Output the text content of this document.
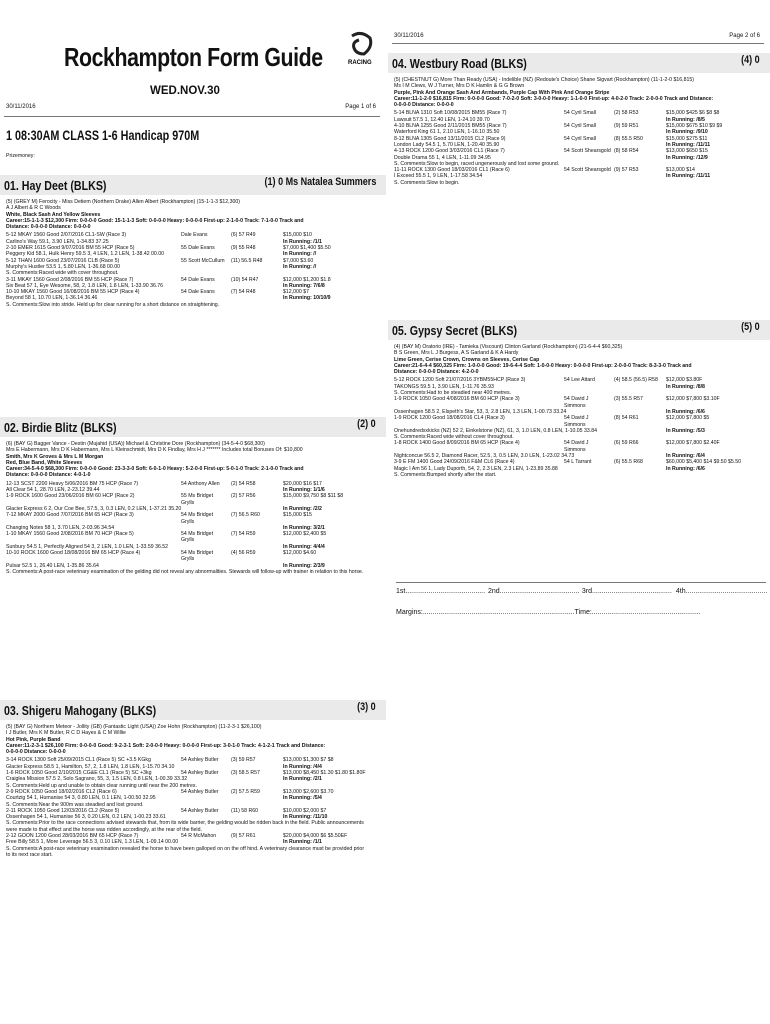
Rockhampton Form Guide	RACING
WED.NOV.30
30/11/2016	Page 1 of 6
1 08:30AM CLASS 1-6 Handicap 970M
Prizemoney:
01. Hay Deet (BLKS)	(1) 0 Ms Natalea Summers
(5) (GREY M) Ferocity - Miss Detiem (Northern Drake) Allen Albert (Rockhampton) (15-1-1-3 $12,300)
A J Albert & R C Woods
White, Black Sash And Yellow Sleeves
Career:15-1-1-3 $12,300 Firm: 0-0-0-0 Good: 15-1-1-3 Soft: 0-0-0-0 Heavy: 0-0-0-0 First-up: 2-1-0-0 Track: 7-1-0-0 Track and
Distance: 0-0-0-0 Distance: 0-0-0-0
5-12 MKAY 1560 Good 2/07/2016 CL1-SW (Race 3)	Dale Evans	(6) 57 R49	$15,000 $10
Carlino's Way 59.1, 3.90 LEN, 1-34.83 37.25	In Running: /1/1
2-10 EMER 1615 Good 9/07/2016 BM 55 HCP (Race 5)	55 Dale Evans	(9) 55 R48	$7,000 $1,400 $5.50
Peggery Kid 58.1, Hulk Henry 59.5 3, 4 LEN, 1.2 LEN, 1-38.42 00.00	In Running: //
5-12 THAN 1600 Good 23/07/2016 CLB (Race 5)	55 Scott McCullum (11) 56.5 R48	$7,000 $3.60
Murphy's Hustler 53.5 1, 5.80 LEN, 1-36.68 00.00	In Running: //
S. Comments:Raced wide with cover throughout.
3-11 MKAY 1560 Good 2/08/2016 BM 55 HCP (Race 7)	54 Dale Evans	(10) 54 R47	$12,000 $1,200 $1.8
Six Beat 57 1, Eye Wesome, 58, 2, 1.8 LEN, 1.8 LEN, 1-33.90 36.76	In Running: 7/6/8
10-10 MKAY 1560 Good 16/08/2016 BM 55 HCP (Race 4)	54 Dale Evans	(7) 54 R48	$12,000 $7
Beyond 58 1, 10.70 LEN, 1-36.14 36.46	In Running: 10/10/9
S. Comments:Slow into stride. Held up for clear running for a short distance on straightening.
02. Birdie Blitz (BLKS)	(2) 0
(6) (BAY G) Bagger Vance - Destin (Mujahid (USA)) Michael & Christine Dore (Rockhampton) (34-5-4-0 $68,300)
Mrs E Habermann, Mrs D K Habermann, Mrs L Kleinschmidt, Mrs D K Findlay, Mrs H J ******* Includes total Bonuses Of: $10,800
Smith, Mrs K Groves & Mrs L M Morgan
Red, Blue Band, White Sleeves
Career:34-5-4-0 $68,300 Firm: 0-0-0-0 Good: 23-3-3-0 Soft: 6-0-1-0 Heavy: 5-2-0-0 First-up: 5-0-1-0 Track: 2-1-0-0 Track and
Distance: 0-0-0-0 Distance: 4-0-1-0
12-13 SCST 2200 Heavy 5/06/2016 BM 75 HCP (Race 7)	54 Anthony Allen (2) 54 R58	$20,000 $16 $17
All Clear 54 1, 28.70 LEN, 2-23.12 39.44	In Running: 1/1/6
1-9 ROCK 1600 Good 23/06/2016 BM 60 HCP (Race 2)	55 Ms Bridget	(2) 57 R56	$15,000 $9,750 $8 $11 $8
Grylls
Glacier Express 6 2, Our Coe Bee, 57.5, 3, 0.3 LEN, 0.2 LEN, 1-37.21 35.20	In Running: /2/2
7-12 MKAY 2000 Good 7/07/2016 BM 65 HCP (Race 3)	54 Ms Bridget	(7) 56.5 R60	$15,000 $15
Grylls
Changing Notes 58 1, 3.70 LEN, 2-03.96 34.54	In Running: 3/2/1
1-10 MKAY 1560 Good 2/08/2016 BM 70 HCP (Race 5)	54 Ms Bridget	(7) 54 R59	$12,000 $2,400 $5
Grylls
Sunbury 54.5 1, Perfectly Aligned 54 3, 2 LEN, 1.0 LEN, 1-33.59 36.52	In Running: 4/4/4
10-10 ROCK 1600 Good 18/08/2016 BM 65 HCP (Race 4)	54 Ms Bridget	(4) 56 R59	$12,000 $4.60
Grylls
Pulsar 52.5 1, 26.40 LEN, 1-35.86 35.64	In Running: 2/3/9
S. Comments:A post-race veterinary examination of the gelding did not reveal any abnormalities. Stewards will follow-up with trainer in relation to this horse.
03. Shigeru Mahogany (BLKS)	(3) 0
(5) (BAY G) Northern Meteor - Jollity (GB) (Fantastic Light (USA)) Zoe Hohn (Rockhampton) (11-2-3-1 $26,100)
I J Butler, Mrs K M Butler, R C D Hayes & C M Willie
Hot Pink, Purple Band
Career:11-2-3-1 $26,100 Firm: 0-0-0-0 Good: 9-2-3-1 Soft: 2-0-0-0 Heavy: 0-0-0-0 First-up: 3-0-1-0 Track: 4-1-2-1 Track and Distance:
0-0-0-0 Distance: 0-0-0-0
3-14 ROCK 1300 Soft 25/09/2015 CL1 (Race 5) SC +3.5 KGkg	54 Ashley Butler (3) 59 R57	$13,000 $1,300 $7 $8
Glacier Express 58.5 1, Hamilton, 57, 2, 1.8 LEN, 1.8 LEN, 1-15.70 34.10	In Running: /4/4
1-6 ROCK 1050 Good 2/10/2015 CG&E CL1 (Race 5) SC +3kg	54 Ashley Butler (3) 58.5 R57	$13,000 $8,450 $1.30 $1.80 $1.80F
Craiglea Mission 57.5 2, Solo Sagrano, 55, 3, 1.5 LEN, 0.8 LEN, 1-00.39 33.32	In Running: /2/1
S. Comments:Held up and unable to obtain clear running until near the 200 metres.
2-9 ROCK 1050 Good 18/02/2016 CL2 (Race 6)	54 Ashley Butler (2) 57.5 R59	$13,000 $2,600 $3.70
Courtzig 54 1, Humanise 54 3, 0.80 LEN, 0.1 LEN, 1-00.50 32.95	In Running: /5/4
S. Comments:Near the 900m was steadied and lost ground.
2-11 ROCK 1050 Good 12/03/2016 CL2 (Race 5)	54 Ashley Butler (11) 58 R60	$10,000 $2,000 $7
Ossenhagen 54 1, Humanise 56 3, 0.20 LEN, 0.2 LEN, 1-00.23 33.61	In Running: /11/10
S. Comments:Prior to the race connections advised stewards that, from its wide barrier, the gelding would be ridden back in the field. Public announcements
were made to that effect and the horse was ridden accordingly, at the rear of the field.
2-12 GOON 1200 Good 28/03/2016 BM 65 HCP (Race 7)	54 R McMahon	(9) 57 R61	$20,000 $4,000 $6 $5.50EF
Free Billy 58.5 1, More Leverage 56.5 3, 0.10 LEN, 1.3 LEN, 1-09.14 00.00	In Running: /1/1
S. Comments:A post-race veterinary examination revealed the horse to have been galloped on on the off hind. A veterinary clearance must be provided prior
to its next race start.
30/11/2016	Page 2 of 6
04. Westbury Road (BLKS)	(4) 0
(5) (CHESTNUT G) More Than Ready (USA) - Indelible (NZ) (Redoute's Choice) Shane Sigvart (Rockhampton) (11-1-2-0 $16,815)
Ms I M Clews, W J Turner, Mrs D K Hamlin & G G Brown
Purple, Pink And Orange Sash And Armbands, Purple Cap With Pink And Orange Stripe
Career:11-1-2-0 $16,815 Firm: 0-0-0-0 Good: 7-0-2-0 Soft: 3-0-0-0 Heavy: 1-1-0-0 First-up: 4-0-2-0 Track: 2-0-0-0 Track and Distance:
0-0-0-0 Distance: 0-0-0-0
5-14 BLNA 1310 Soft 10/08/2015 BM55 (Race 7)	54 Cyril Small	(2) 58 R53	$15,000 $425 $6 $8 $8
Lawsuit 57.5 1, 12.40 LEN, 1-24.10 39.70	In Running: /8/5
4-10 BLNA 1255 Good 2/11/2015 BM55 (Race 7)	54 Cyril Small	(9) 59 R51	$15,000 $675 $10 $9 $9
Waterford King 61 1, 2.10 LEN, 1-16.10 35.50	In Running: /9/10
8-12 BLNA 1305 Good 13/11/2015 CL2 (Race 9)	54 Cyril Small	(8) 55.5 R50	$15,000 $275 $11
London Lady 54.5 1, 5.70 LEN, 1-20.40 35.90	In Running: /11/11
4-13 ROCK 1200 Good 3/03/2016 CL1 (Race 7)	54 Scott Shearsgold (8) 58 R54	$13,000 $650 $15
Double Drama 55 1, 4 LEN, 1-11.09 34.95	In Running: /12/9
S. Comments:Slow to begin, raced ungenerously and lost some ground.
11-11 ROCK 1300 Good 18/03/2016 CL1 (Race 6)	54 Scott Shearsgold (9) 57 R53	$13,000 $14
I Exceed 55.5 1, 9 LEN, 1-17.58 34.54	In Running: /11/11
S. Comments:Slow to begin.
05. Gypsy Secret (BLKS)	(5) 0
(4) (BAY M) Oratorio (IRE) - Tamieka (Viscount) Clinton Garland (Rockhampton) (21-6-4-4 $60,325)
B S Green, Mrs L J Burgess, A S Garland & K A Hardy
Lime Green, Cerise Crown, Crowns on Sleeves, Cerise Cap
Career:21-6-4-4 $60,325 Firm: 1-0-0-0 Good: 19-6-4-4 Soft: 1-0-0-0 Heavy: 0-0-0-0 First-up: 2-0-0-0 Track: 8-3-3-0 Track and
Distance: 0-0-0-0 Distance: 4-2-0-0
5-12 ROCK 1200 Soft 21/07/2016 3YBM55HCP (Race 3)	54 Lee Attard	(4) 58.5 (56.5) R58 $12,000 $3.80F
TAKONGS 59.5 1, 3.90 LEN, 1-11.76 35.93	In Running: /8/8
S. Comments:Had to be steadied near 400 metres.
1-9 ROCK 1050 Good 4/08/2016 BM 60 HCP (Race 3)	54 David J	(3) 55.5 R57	$12,000 $7,800 $3.10F
Simmons
Ossenhagen 58.5 2, Elspeth's Star, 53, 3, 2.8 LEN, 1.3 LEN, 1-00.73 33.24	In Running: /6/6
1-9 ROCK 1200 Good 18/08/2016 CL4 (Race 3)	54 David J	(8) 54 R61	$12,000 $7,800 $5
Simmons
Onehundredxxkicks (NZ) 52 2, Einkelstone (NZ), 61, 3, 1.0 LEN, 0.8 LEN, 1-10.05 33.84	In Running: /5/3
S. Comments:Raced wide without cover throughout.
1-8 ROCK 1400 Good 8/09/2016 BM 65 HCP (Race 4)	54 David J	(6) 59 R66	$12,000 $7,800 $2.40F
Simmons
Nightconcue 56.5 2, Diamond Racer, 52.5, 3, 0.5 LEN, 3.0 LEN, 1-23.02 34.73	In Running: /6/4
3-9 E FM 1400 Good 24/09/2016 F&M CL6 (Race 4)	54 L Tarrant	(6) 55.5 R68	$60,000 $5,400 $14 $9.50 $5.50
Magic I Am 56 1, Lady Duporth, 54, 2, 2.3 LEN, 2.3 LEN, 1-23.89 35.88	In Running: /6/6
S. Comments:Bumped shortly after the start.
1st......................................... 2nd......................................... 3rd......................................... 4th..........................................
Margins:..............................................................................Time:........................................................
